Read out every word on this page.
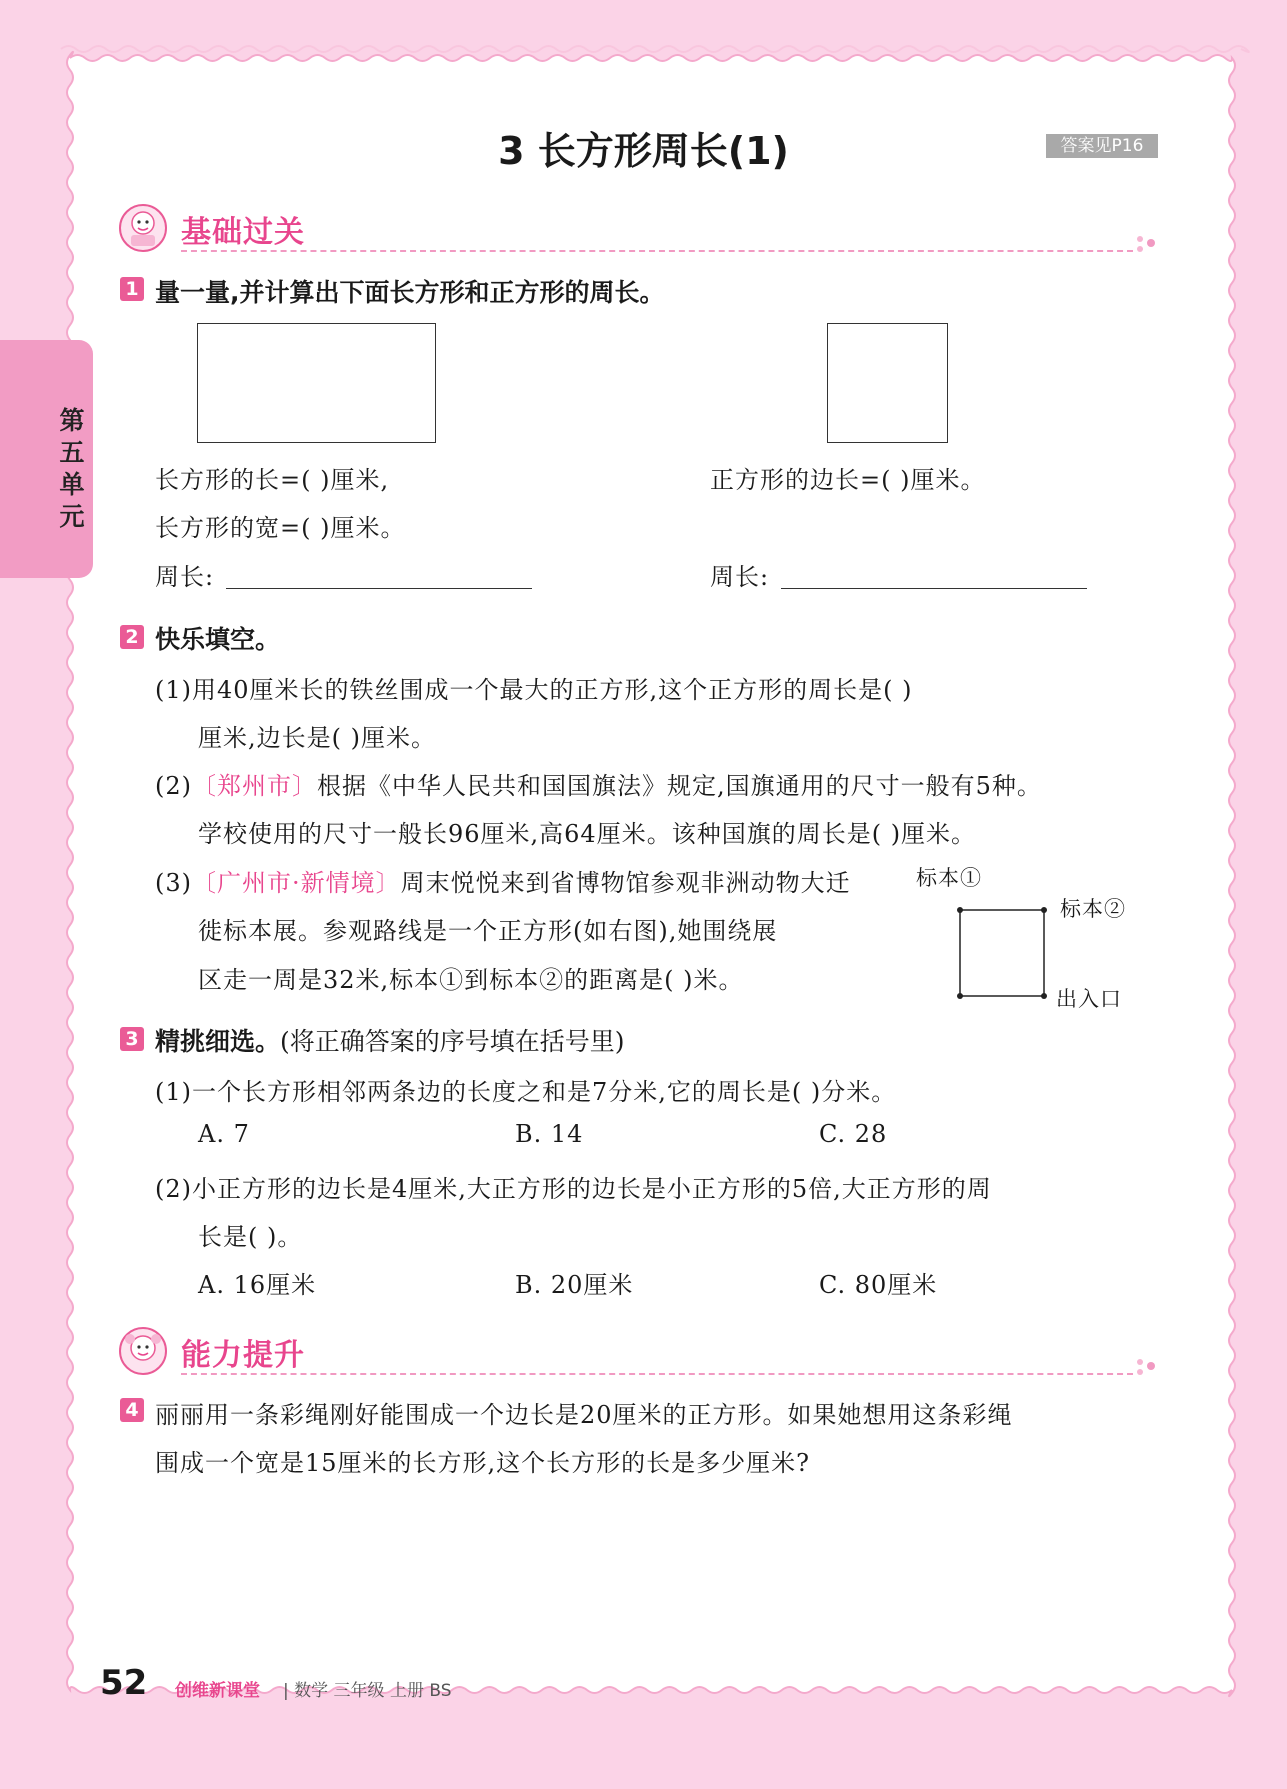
第
五
单
元
3 长方形周长(1)	答案见P16
基础过关
1 量一量,并计算出下面长方形和正方形的周长。
长方形的长=( )厘米,
长方形的宽=( )厘米。
周长:
正方形的边长=( )厘米。
周长:
2 快乐填空。
(1)用40厘米长的铁丝围成一个最大的正方形,这个正方形的周长是( )
厘米,边长是( )厘米。
(2)〔郑州市〕根据《中华人民共和国国旗法》规定,国旗通用的尺寸一般有5种。
学校使用的尺寸一般长96厘米,高64厘米。该种国旗的周长是( )厘米。
(3)〔广州市·新情境〕周末悦悦来到省博物馆参观非洲动物大迁
徙标本展。参观路线是一个正方形(如右图),她围绕展
区走一周是32米,标本①到标本②的距离是( )米。
标本①
标本②
出入口
3 精挑细选。(将正确答案的序号填在括号里)
(1)一个长方形相邻两条边的长度之和是7分米,它的周长是( )分米。
A. 7	B. 14	C. 28
(2)小正方形的边长是4厘米,大正方形的边长是小正方形的5倍,大正方形的周
长是( )。
A. 16厘米	B. 20厘米	C. 80厘米
能力提升
4 丽丽用一条彩绳刚好能围成一个边长是20厘米的正方形。如果她想用这条彩绳
围成一个宽是15厘米的长方形,这个长方形的长是多少厘米?
52 创维新课堂 | 数学 三年级 上册 BS
